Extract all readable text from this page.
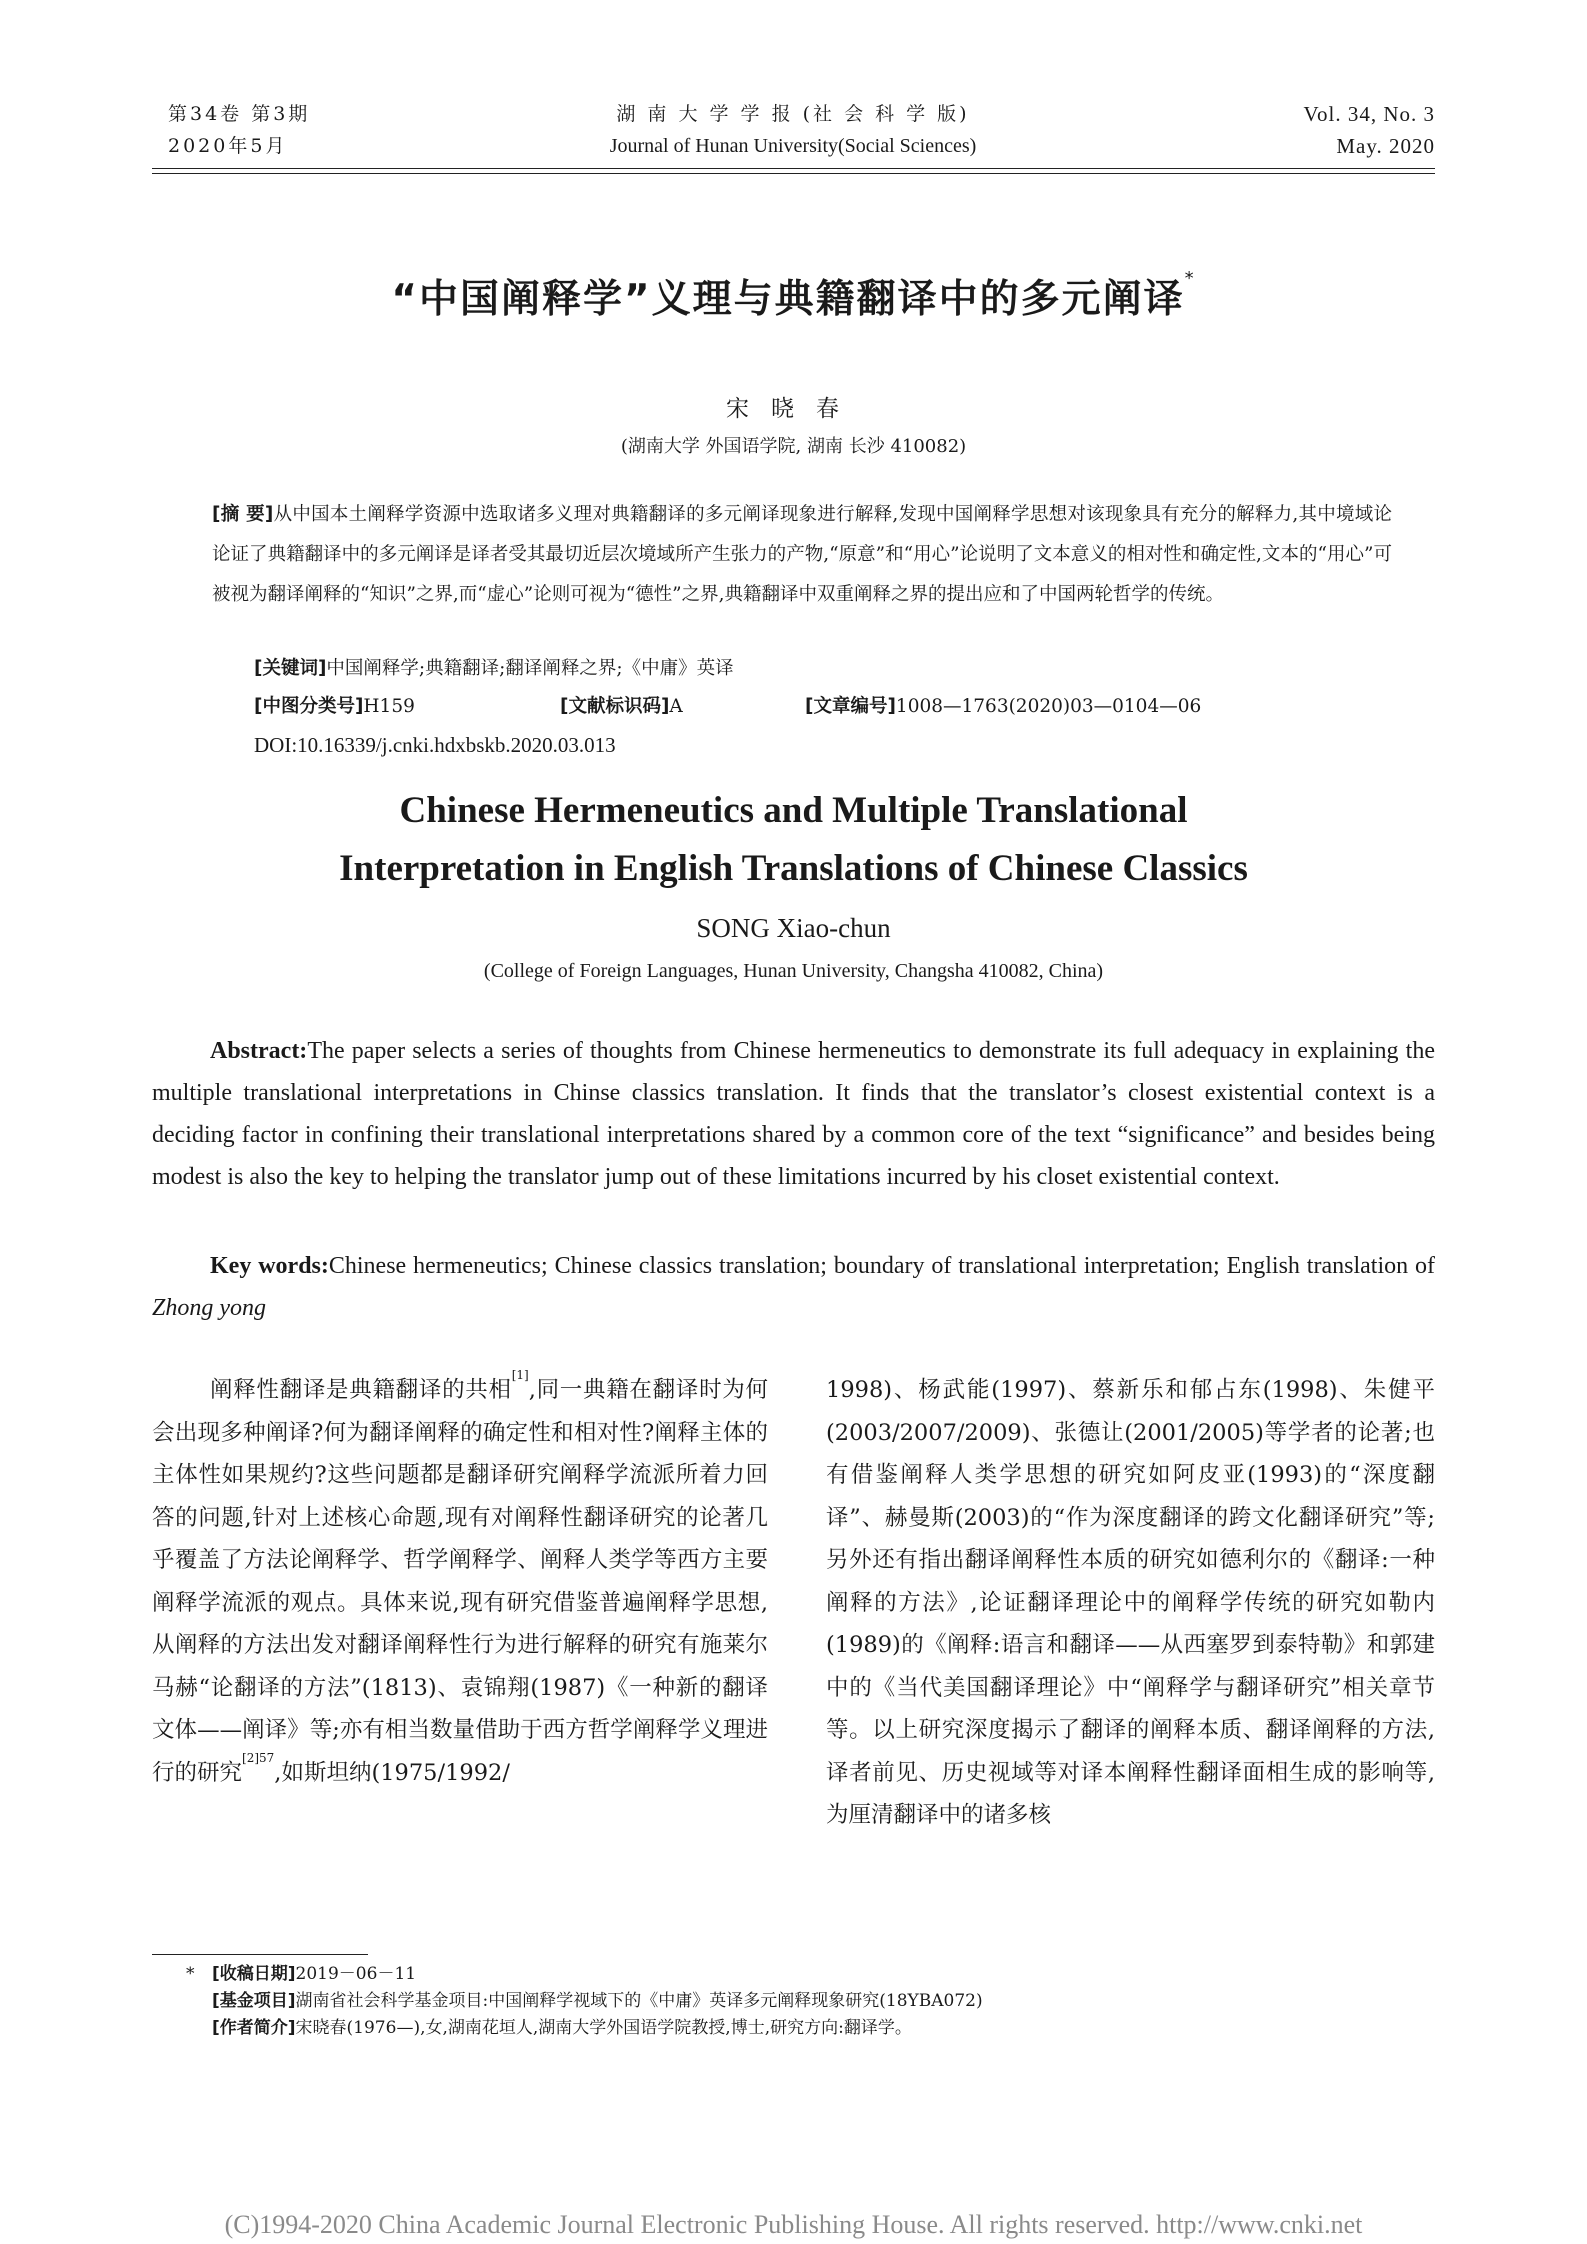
第34卷 第3期
2020年5月
湖 南 大 学 学 报 (社 会 科 学 版)
Journal of Hunan University(Social Sciences)
Vol. 34, No. 3
May. 2020
“中国阐释学”义理与典籍翻译中的多元阐译*
宋晓春
(湖南大学 外国语学院, 湖南 长沙 410082)
[摘 要]从中国本土阐释学资源中选取诸多义理对典籍翻译的多元阐译现象进行解释,发现中国阐释学思想对该现象具有充分的解释力,其中境域论论证了典籍翻译中的多元阐译是译者受其最切近层次境域所产生张力的产物,“原意”和“用心”论说明了文本意义的相对性和确定性,文本的“用心”可被视为翻译阐释的“知识”之界,而“虚心”论则可视为“德性”之界,典籍翻译中双重阐释之界的提出应和了中国两轮哲学的传统。
[关键词]中国阐释学;典籍翻译;翻译阐释之界;《中庸》英译
[中图分类号]H159	[文献标识码]A	[文章编号]1008—1763(2020)03—0104—06
DOI:10.16339/j.cnki.hdxbskb.2020.03.013
Chinese Hermeneutics and Multiple Translational
Interpretation in English Translations of Chinese Classics
SONG Xiao-chun
(College of Foreign Languages, Hunan University, Changsha 410082, China)
Abstract:The paper selects a series of thoughts from Chinese hermeneutics to demonstrate its full adequacy in explaining the multiple translational interpretations in Chinse classics translation. It finds that the translator’s closest existential context is a deciding factor in confining their translational interpretations shared by a common core of the text “significance” and besides being modest is also the key to helping the translator jump out of these limitations incurred by his closet existential context.
Key words:Chinese hermeneutics; Chinese classics translation; boundary of translational interpretation; English translation of Zhong yong
阐释性翻译是典籍翻译的共相[1],同一典籍在翻译时为何会出现多种阐译?何为翻译阐释的确定性和相对性?阐释主体的主体性如果规约?这些问题都是翻译研究阐释学流派所着力回答的问题,针对上述核心命题,现有对阐释性翻译研究的论著几乎覆盖了方法论阐释学、哲学阐释学、阐释人类学等西方主要阐释学流派的观点。具体来说,现有研究借鉴普遍阐释学思想,从阐释的方法出发对翻译阐释性行为进行解释的研究有施莱尔马赫“论翻译的方法”(1813)、袁锦翔(1987)《一种新的翻译文体——阐译》等;亦有相当数量借助于西方哲学阐释学义理进行的研究$^{[2]57}$,如斯坦纳(1975/1992/
1998)、杨武能(1997)、蔡新乐和郁占东(1998)、朱健平(2003/2007/2009)、张德让(2001/2005)等学者的论著;也有借鉴阐释人类学思想的研究如阿皮亚(1993)的“深度翻译”、赫曼斯(2003)的“作为深度翻译的跨文化翻译研究”等;另外还有指出翻译阐释性本质的研究如德利尔的《翻译:一种阐释的方法》,论证翻译理论中的阐释学传统的研究如勒内(1989)的《阐释:语言和翻译——从西塞罗到泰特勒》和郭建中的《当代美国翻译理论》中“阐释学与翻译研究”相关章节等。以上研究深度揭示了翻译的阐释本质、翻译阐释的方法,译者前见、历史视域等对译本阐释性翻译面相生成的影响等,为厘清翻译中的诸多核
* [收稿日期]2019－06－11
[基金项目]湖南省社会科学基金项目:中国阐释学视域下的《中庸》英译多元阐释现象研究(18YBA072)
[作者简介]宋晓春(1976—),女,湖南花垣人,湖南大学外国语学院教授,博士,研究方向:翻译学。
(C)1994-2020 China Academic Journal Electronic Publishing House. All rights reserved. http://www.cnki.net
